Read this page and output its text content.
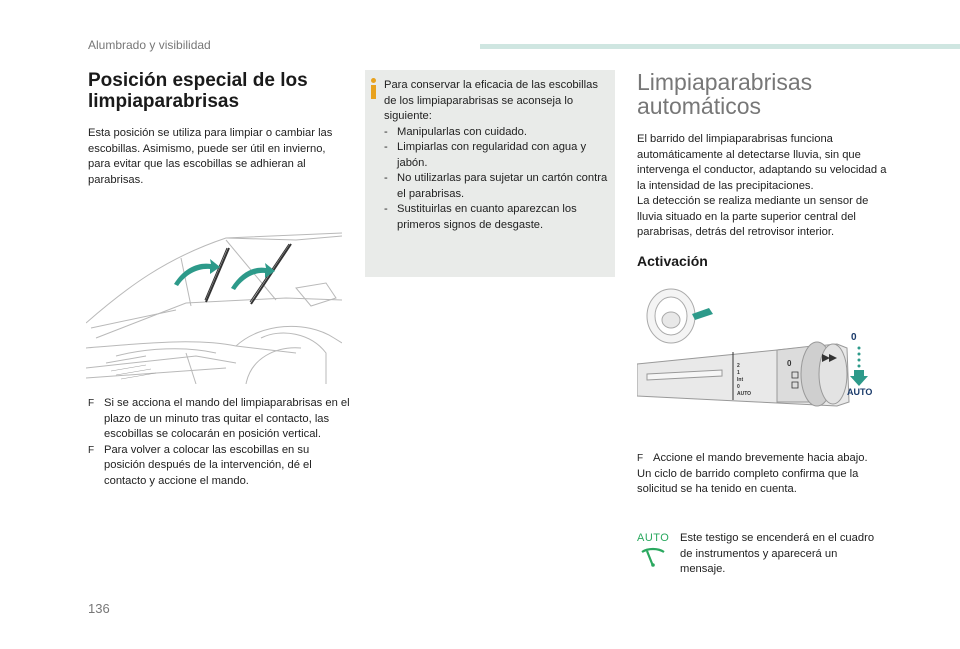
Alumbrado y visibilidad
Posición especial de los
limpiaparabrisas

Esta posición se utiliza para limpiar o cambiar las escobillas. Asimismo, puede ser útil en invierno, para evitar que las escobillas se adhieran al parabrisas.

F Si se acciona el mando del limpiaparabrisas en el plazo de un minuto tras quitar el contacto, las escobillas se colocarán en posición vertical.
F Para volver a colocar las escobillas en su posición después de la intervención, dé el contacto y accione el mando.
Para conservar la eficacia de las escobillas de los limpiaparabrisas se aconseja lo siguiente:
- Manipularlas con cuidado.
- Limpiarlas con regularidad con agua y jabón.
- No utilizarlas para sujetar un cartón contra el parabrisas.
- Sustituirlas en cuanto aparezcan los primeros signos de desgaste.
Limpiaparabrisas
automáticos

El barrido del limpiaparabrisas funciona automáticamente al detectarse lluvia, sin que intervenga el conductor, adaptando su velocidad a la intensidad de las precipitaciones.

La detección se realiza mediante un sensor de lluvia situado en la parte superior central del parabrisas, detrás del retrovisor interior.

Activación
2
1
Int
0
AUTO
0
0
AUTO
F Accione el mando brevemente hacia abajo.

Un ciclo de barrido completo confirma que la solicitud se ha tenido en cuenta.

AUTO Este testigo se encenderá en el cuadro de instrumentos y aparecerá un mensaje.
136
